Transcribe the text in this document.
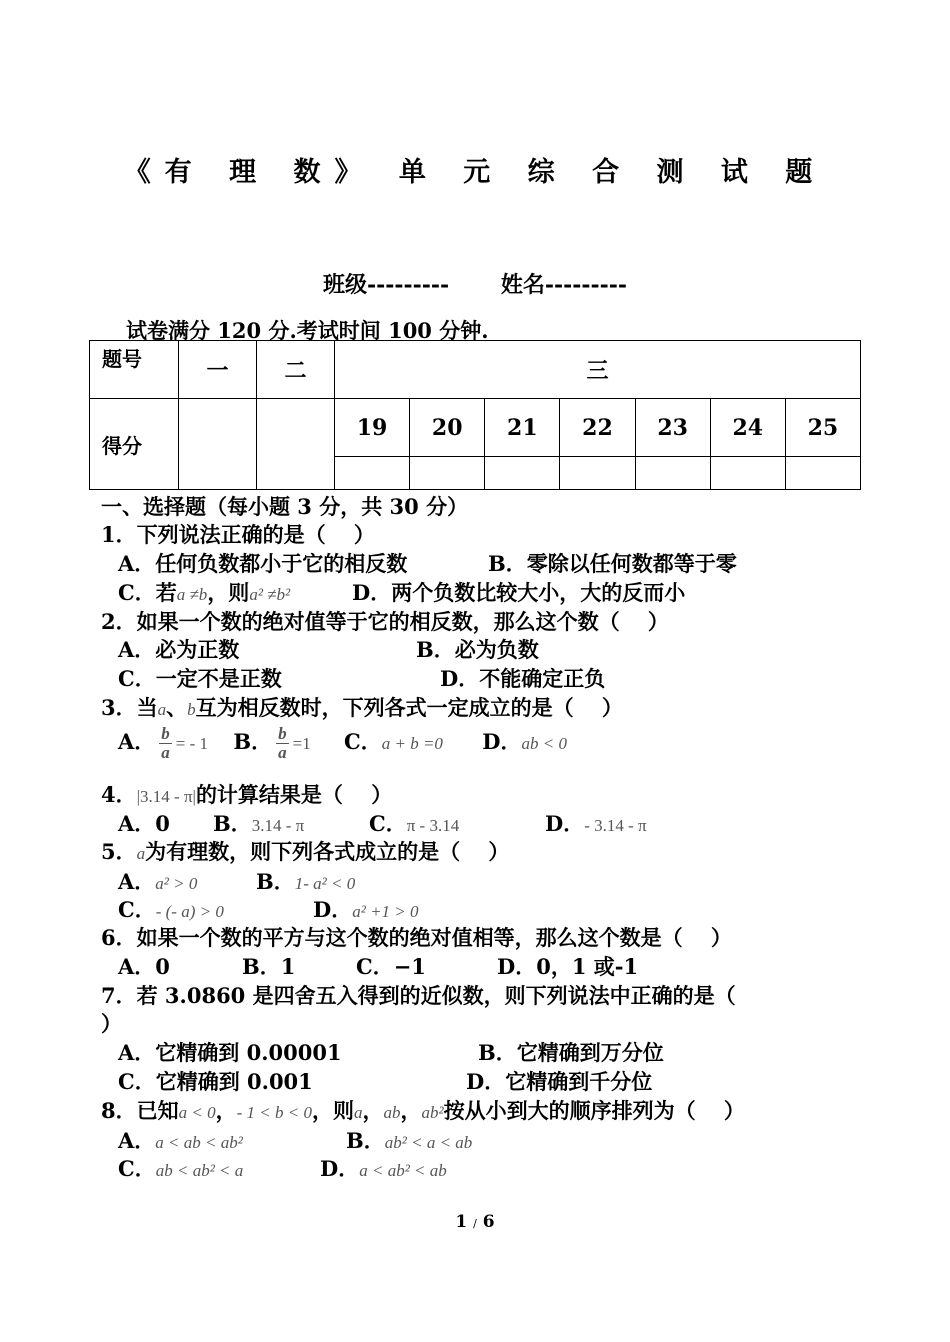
《有 理 数》 单 元 综 合 测 试 题
班级--------- 姓名---------
试卷满分 120 分.考试时间 100 分钟.
题号	一	二	三						
得分			19	20	21	22	23	24	25

一、选择题（每小题 3 分，共 30 分）
1．下列说法正确的是（　 ）
A．任何负数都小于它的相反数	B．零除以任何数都等于零
C．若a ≠b，则a² ≠b²	D．两个负数比较大小，大的反而小
2．如果一个数的绝对值等于它的相反数，那么这个数（　 ）
A．必为正数	B．必为负数
C．一定不是正数	D．不能确定正负
3．当a、b互为相反数时，下列各式一定成立的是（　 ）
A． $\frac{b}{a}$ = - 1 B． $\frac{b}{a} =1$ C．a + b =0 D．ab < 0
4．|3.14 - π|的计算结果是（　 ）
A．0 B．3.14 - π	C．π - 3.14	D．- 3.14 - π
5．a为有理数，则下列各式成立的是（　 ）
A．a² > 0	B．1- a² < 0
C．- (- a) > 0	D．a² +1 > 0
6．如果一个数的平方与这个数的绝对值相等，那么这个数是（　 ）
A．0	B．1	C．−1	D．0，1 或-1
7．若 3.0860 是四舍五入得到的近似数，则下列说法中正确的是（
）
A．它精确到 0.00001	B．它精确到万分位
C．它精确到 0.001	D．它精确到千分位
8．已知a < 0，- 1 < b < 0，则a，ab，ab²按从小到大的顺序排列为（　 ）
A．a < ab < ab²	B．ab² < a < ab
C．ab < ab² < a	D．a < ab² < ab
1 / 6
